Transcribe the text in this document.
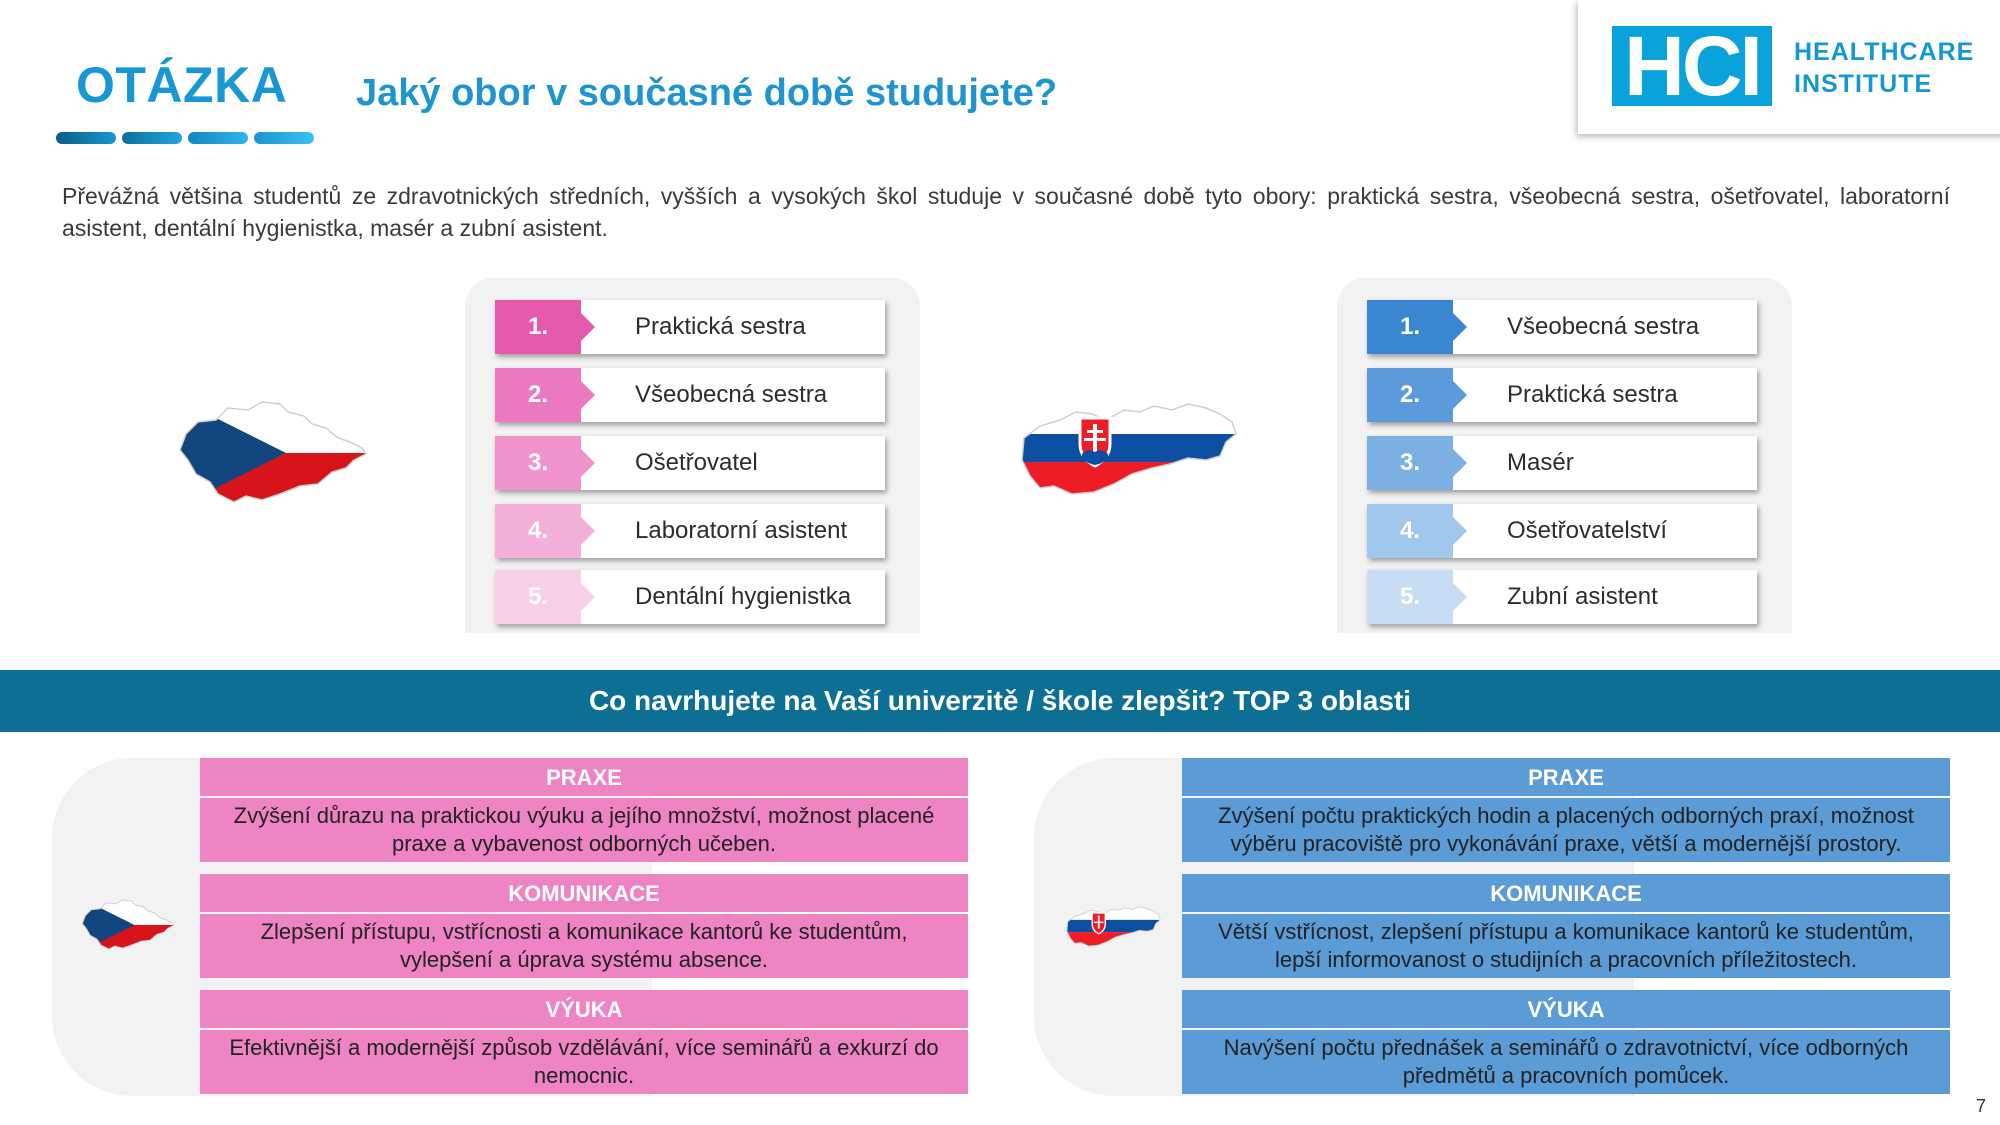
OTÁZKA Jaký obor v současné době studujete?	HCI	HEALTHCARE
INSTITUTE
Převážná většina studentů ze zdravotnických středních, vyšších a vysokých škol studuje v současné době tyto obory: praktická sestra, všeobecná sestra, ošetřovatel, laboratorní asistent, dentální hygienistka, masér a zubní asistent.
1.	Praktická sestra
2.	Všeobecná sestra
3.	Ošetřovatel
4.	Laboratorní asistent
5.	Dentální hygienistka
1.	Všeobecná sestra
2.	Praktická sestra
3.	Masér
4.	Ošetřovatelství
5.	Zubní asistent
Co navrhujete na Vaší univerzitě / škole zlepšit? TOP 3 oblasti
PRAXE
Zvýšení důrazu na praktickou výuku a jejího množství, možnost placené praxe a vybavenost odborných učeben.
KOMUNIKACE
Zlepšení přístupu, vstřícnosti a komunikace kantorů ke studentům, vylepšení a úprava systému absence.
VÝUKA
Efektivnější a modernější způsob vzdělávání, více seminářů a exkurzí do nemocnic.
PRAXE
Zvýšení počtu praktických hodin a placených odborných praxí, možnost výběru pracoviště pro vykonávání praxe, větší a modernější prostory.
KOMUNIKACE
Větší vstřícnost, zlepšení přístupu a komunikace kantorů ke studentům, lepší informovanost o studijních a pracovních příležitostech.
VÝUKA
Navýšení počtu přednášek a seminářů o zdravotnictví, více odborných předmětů a pracovních pomůcek.
7
